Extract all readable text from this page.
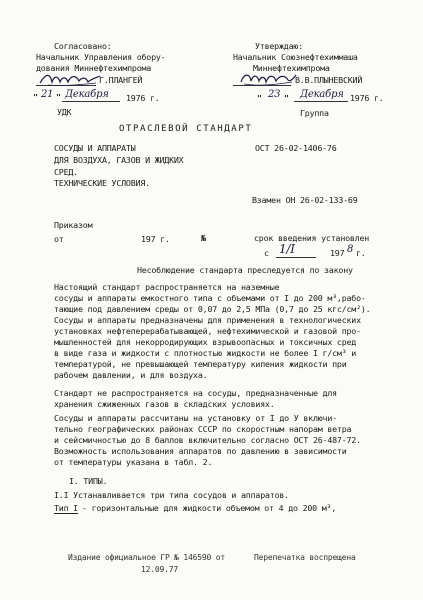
Согласовано:
Начальник Управления обору-
дования Миннефтехимпрома
Г.ПЛАНГЕЙ
" 21 " Декабря 1976 г.
УДК
Утверждаю:
Начальник Союзнефтехиммаша
Миннефтехимпрома
В.В.ПЛЫНЕВСКИЙ
" 23 " Декабря 1976 г.
Группа
ОТРАСЛЕВОЙ СТАНДАРТ
СОСУДЫ И АППАРАТЫ
ДЛЯ ВОЗДУХА, ГАЗОВ И ЖИДКИХ
СРЕД.
ТЕХНИЧЕСКИЕ УСЛОВИЯ.
ОСТ 26-02-1406-76
Взамен ОН 26-02-133-69
Приказом
от	197 г.	№	срок введения установлен
с 1/I	197 8 г.
Несоблюдение стандарта преследуется по закону
Настоящий стандарт распространяется на наземные
сосуды и аппараты емкостного типа с объемами от I до 200 м³,рабо-
тающие под давлением среды от 0,07 до 2,5 МПа (0,7 до 25 кгс/см²).
Сосуды и аппараты предназначены для применения в технологических
установках нефтеперерабатывающей, нефтехимической и газовой про-
мышленностей для некорродирующих взрывоопасных и токсичных сред
в виде газа и жидкости с плотностью жидкости не более I г/см³ и
температурой, не превышающей температуру кипения жидкости при
рабочем давлении, и для воздуха.
Стандарт не распространяется на сосуды, предназначенные для
хранения сжиженных газов в складских условиях.
Сосуды и аппараты рассчитаны на установку от I до У включи-
тельно географических районах СССР по скоростным напорам ветра
и сейсмичностью до 8 баллов включительно согласно ОСТ 26-487-72.
Возможность использования аппаратов по давлению в зависимости
от температуры указана в табл. 2.
I. ТИПЫ.
I.I Устанавливается три типа сосудов и аппаратов.
Тип I - горизонтальные для жидкости объемом от 4 до 200 м³,
Издание официальное ГР № 146590 от
12.09.77
Перепечатка воспрещена
